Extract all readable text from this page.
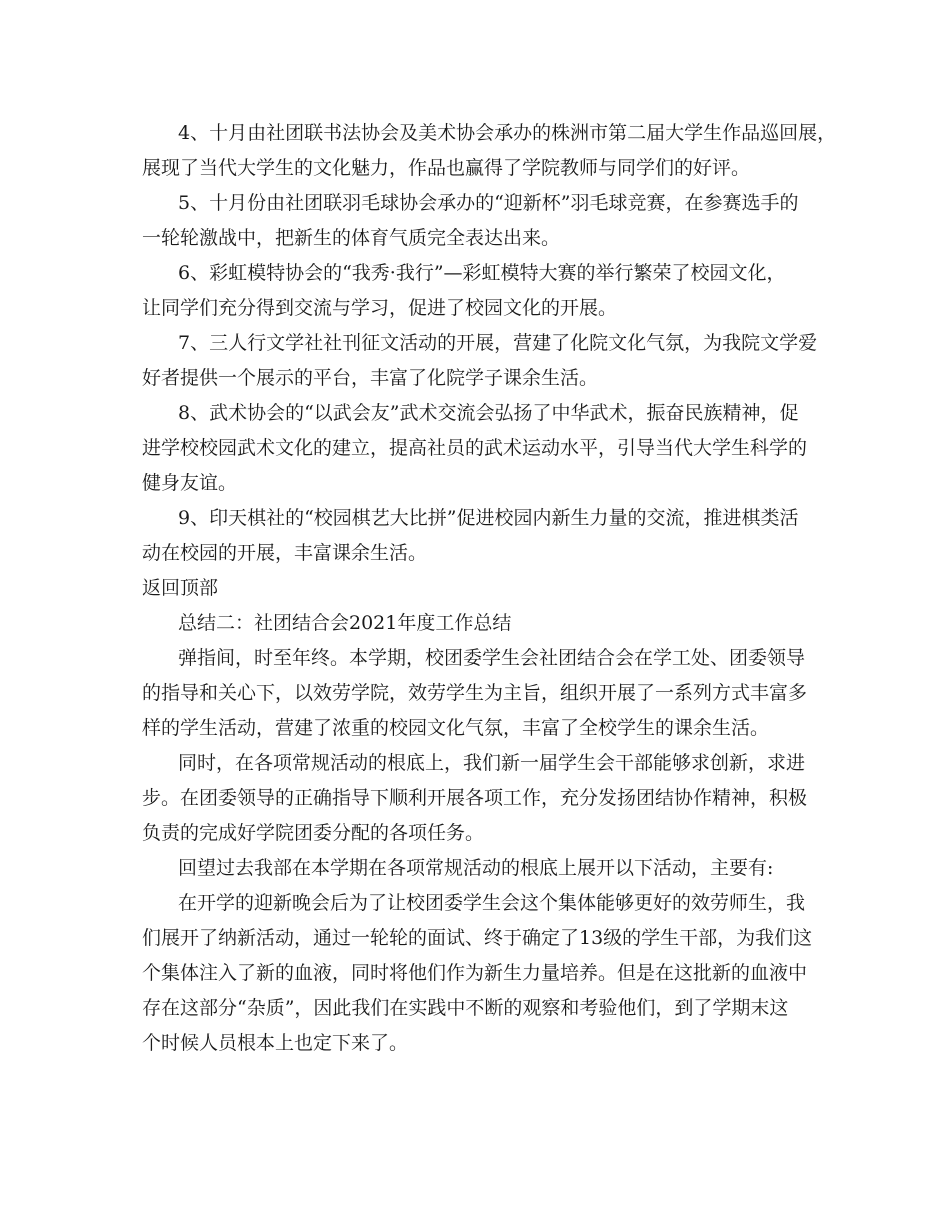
4、十月由社团联书法协会及美术协会承办的株洲市第二届大学生作品巡回展，
展现了当代大学生的文化魅力，作品也赢得了学院教师与同学们的好评。
5、十月份由社团联羽毛球协会承办的“迎新杯”羽毛球竞赛，在参赛选手的
一轮轮激战中，把新生的体育气质完全表达出来。
6、彩虹模特协会的“我秀·我行”—彩虹模特大赛的举行繁荣了校园文化，
让同学们充分得到交流与学习，促进了校园文化的开展。
7、三人行文学社社刊征文活动的开展，营建了化院文化气氛，为我院文学爱
好者提供一个展示的平台，丰富了化院学子课余生活。
8、武术协会的“以武会友”武术交流会弘扬了中华武术，振奋民族精神，促
进学校校园武术文化的建立，提高社员的武术运动水平，引导当代大学生科学的
健身友谊。
9、印天棋社的“校园棋艺大比拼”促进校园内新生力量的交流，推进棋类活
动在校园的开展，丰富课余生活。
返回顶部
总结二：社团结合会2021年度工作总结
弹指间，时至年终。本学期，校团委学生会社团结合会在学工处、团委领导
的指导和关心下，以效劳学院，效劳学生为主旨，组织开展了一系列方式丰富多
样的学生活动，营建了浓重的校园文化气氛，丰富了全校学生的课余生活。
同时，在各项常规活动的根底上，我们新一届学生会干部能够求创新，求进
步。在团委领导的正确指导下顺利开展各项工作，充分发扬团结协作精神，积极
负责的完成好学院团委分配的各项任务。
回望过去我部在本学期在各项常规活动的根底上展开以下活动，主要有:
在开学的迎新晚会后为了让校团委学生会这个集体能够更好的效劳师生，我
们展开了纳新活动，通过一轮轮的面试、终于确定了13级的学生干部，为我们这
个集体注入了新的血液，同时将他们作为新生力量培养。但是在这批新的血液中
存在这部分“杂质”，因此我们在实践中不断的观察和考验他们，到了学期末这
个时候人员根本上也定下来了。
